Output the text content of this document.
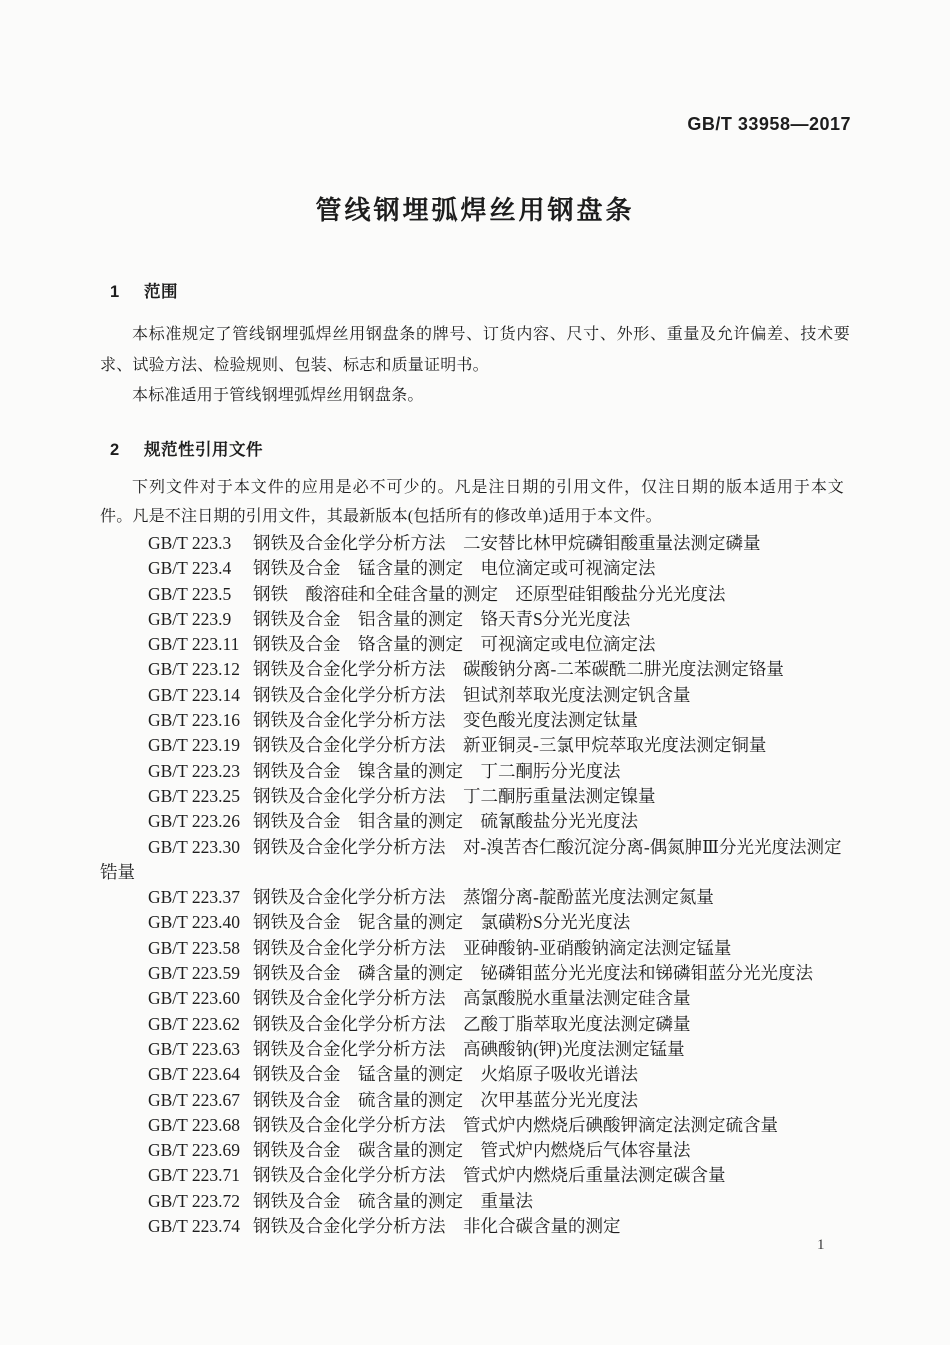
GB/T 33958—2017
管线钢埋弧焊丝用钢盘条
1 范围

本标准规定了管线钢埋弧焊丝用钢盘条的牌号、订货内容、尺寸、外形、重量及允许偏差、技术要求、试验方法、检验规则、包装、标志和质量证明书。

本标准适用于管线钢埋弧焊丝用钢盘条。

2 规范性引用文件

下列文件对于本文件的应用是必不可少的。凡是注日期的引用文件，仅注日期的版本适用于本文件。凡是不注日期的引用文件，其最新版本(包括所有的修改单)适用于本文件。

GB/T 223.3 钢铁及合金化学分析方法　二安替比林甲烷磷钼酸重量法测定磷量
GB/T 223.4 钢铁及合金　锰含量的测定　电位滴定或可视滴定法
GB/T 223.5 钢铁　酸溶硅和全硅含量的测定　还原型硅钼酸盐分光光度法
GB/T 223.9 钢铁及合金　铝含量的测定　铬天青S分光光度法
GB/T 223.11 钢铁及合金　铬含量的测定　可视滴定或电位滴定法
GB/T 223.12 钢铁及合金化学分析方法　碳酸钠分离-二苯碳酰二肼光度法测定铬量
GB/T 223.14 钢铁及合金化学分析方法　钽试剂萃取光度法测定钒含量
GB/T 223.16 钢铁及合金化学分析方法　变色酸光度法测定钛量
GB/T 223.19 钢铁及合金化学分析方法　新亚铜灵-三氯甲烷萃取光度法测定铜量
GB/T 223.23 钢铁及合金　镍含量的测定　丁二酮肟分光度法
GB/T 223.25 钢铁及合金化学分析方法　丁二酮肟重量法测定镍量
GB/T 223.26 钢铁及合金　钼含量的测定　硫氰酸盐分光光度法
GB/T 223.30 钢铁及合金化学分析方法　对-溴苦杏仁酸沉淀分离-偶氮胂Ⅲ分光光度法测定锆量
GB/T 223.37 钢铁及合金化学分析方法　蒸馏分离-靛酚蓝光度法测定氮量
GB/T 223.40 钢铁及合金　铌含量的测定　氯磺粉S分光光度法
GB/T 223.58 钢铁及合金化学分析方法　亚砷酸钠-亚硝酸钠滴定法测定锰量
GB/T 223.59 钢铁及合金　磷含量的测定　铋磷钼蓝分光光度法和锑磷钼蓝分光光度法
GB/T 223.60 钢铁及合金化学分析方法　高氯酸脱水重量法测定硅含量
GB/T 223.62 钢铁及合金化学分析方法　乙酸丁脂萃取光度法测定磷量
GB/T 223.63 钢铁及合金化学分析方法　高碘酸钠(钾)光度法测定锰量
GB/T 223.64 钢铁及合金　锰含量的测定　火焰原子吸收光谱法
GB/T 223.67 钢铁及合金　硫含量的测定　次甲基蓝分光光度法
GB/T 223.68 钢铁及合金化学分析方法　管式炉内燃烧后碘酸钾滴定法测定硫含量
GB/T 223.69 钢铁及合金　碳含量的测定　管式炉内燃烧后气体容量法
GB/T 223.71 钢铁及合金化学分析方法　管式炉内燃烧后重量法测定碳含量
GB/T 223.72 钢铁及合金　硫含量的测定　重量法
GB/T 223.74 钢铁及合金化学分析方法　非化合碳含量的测定
1
